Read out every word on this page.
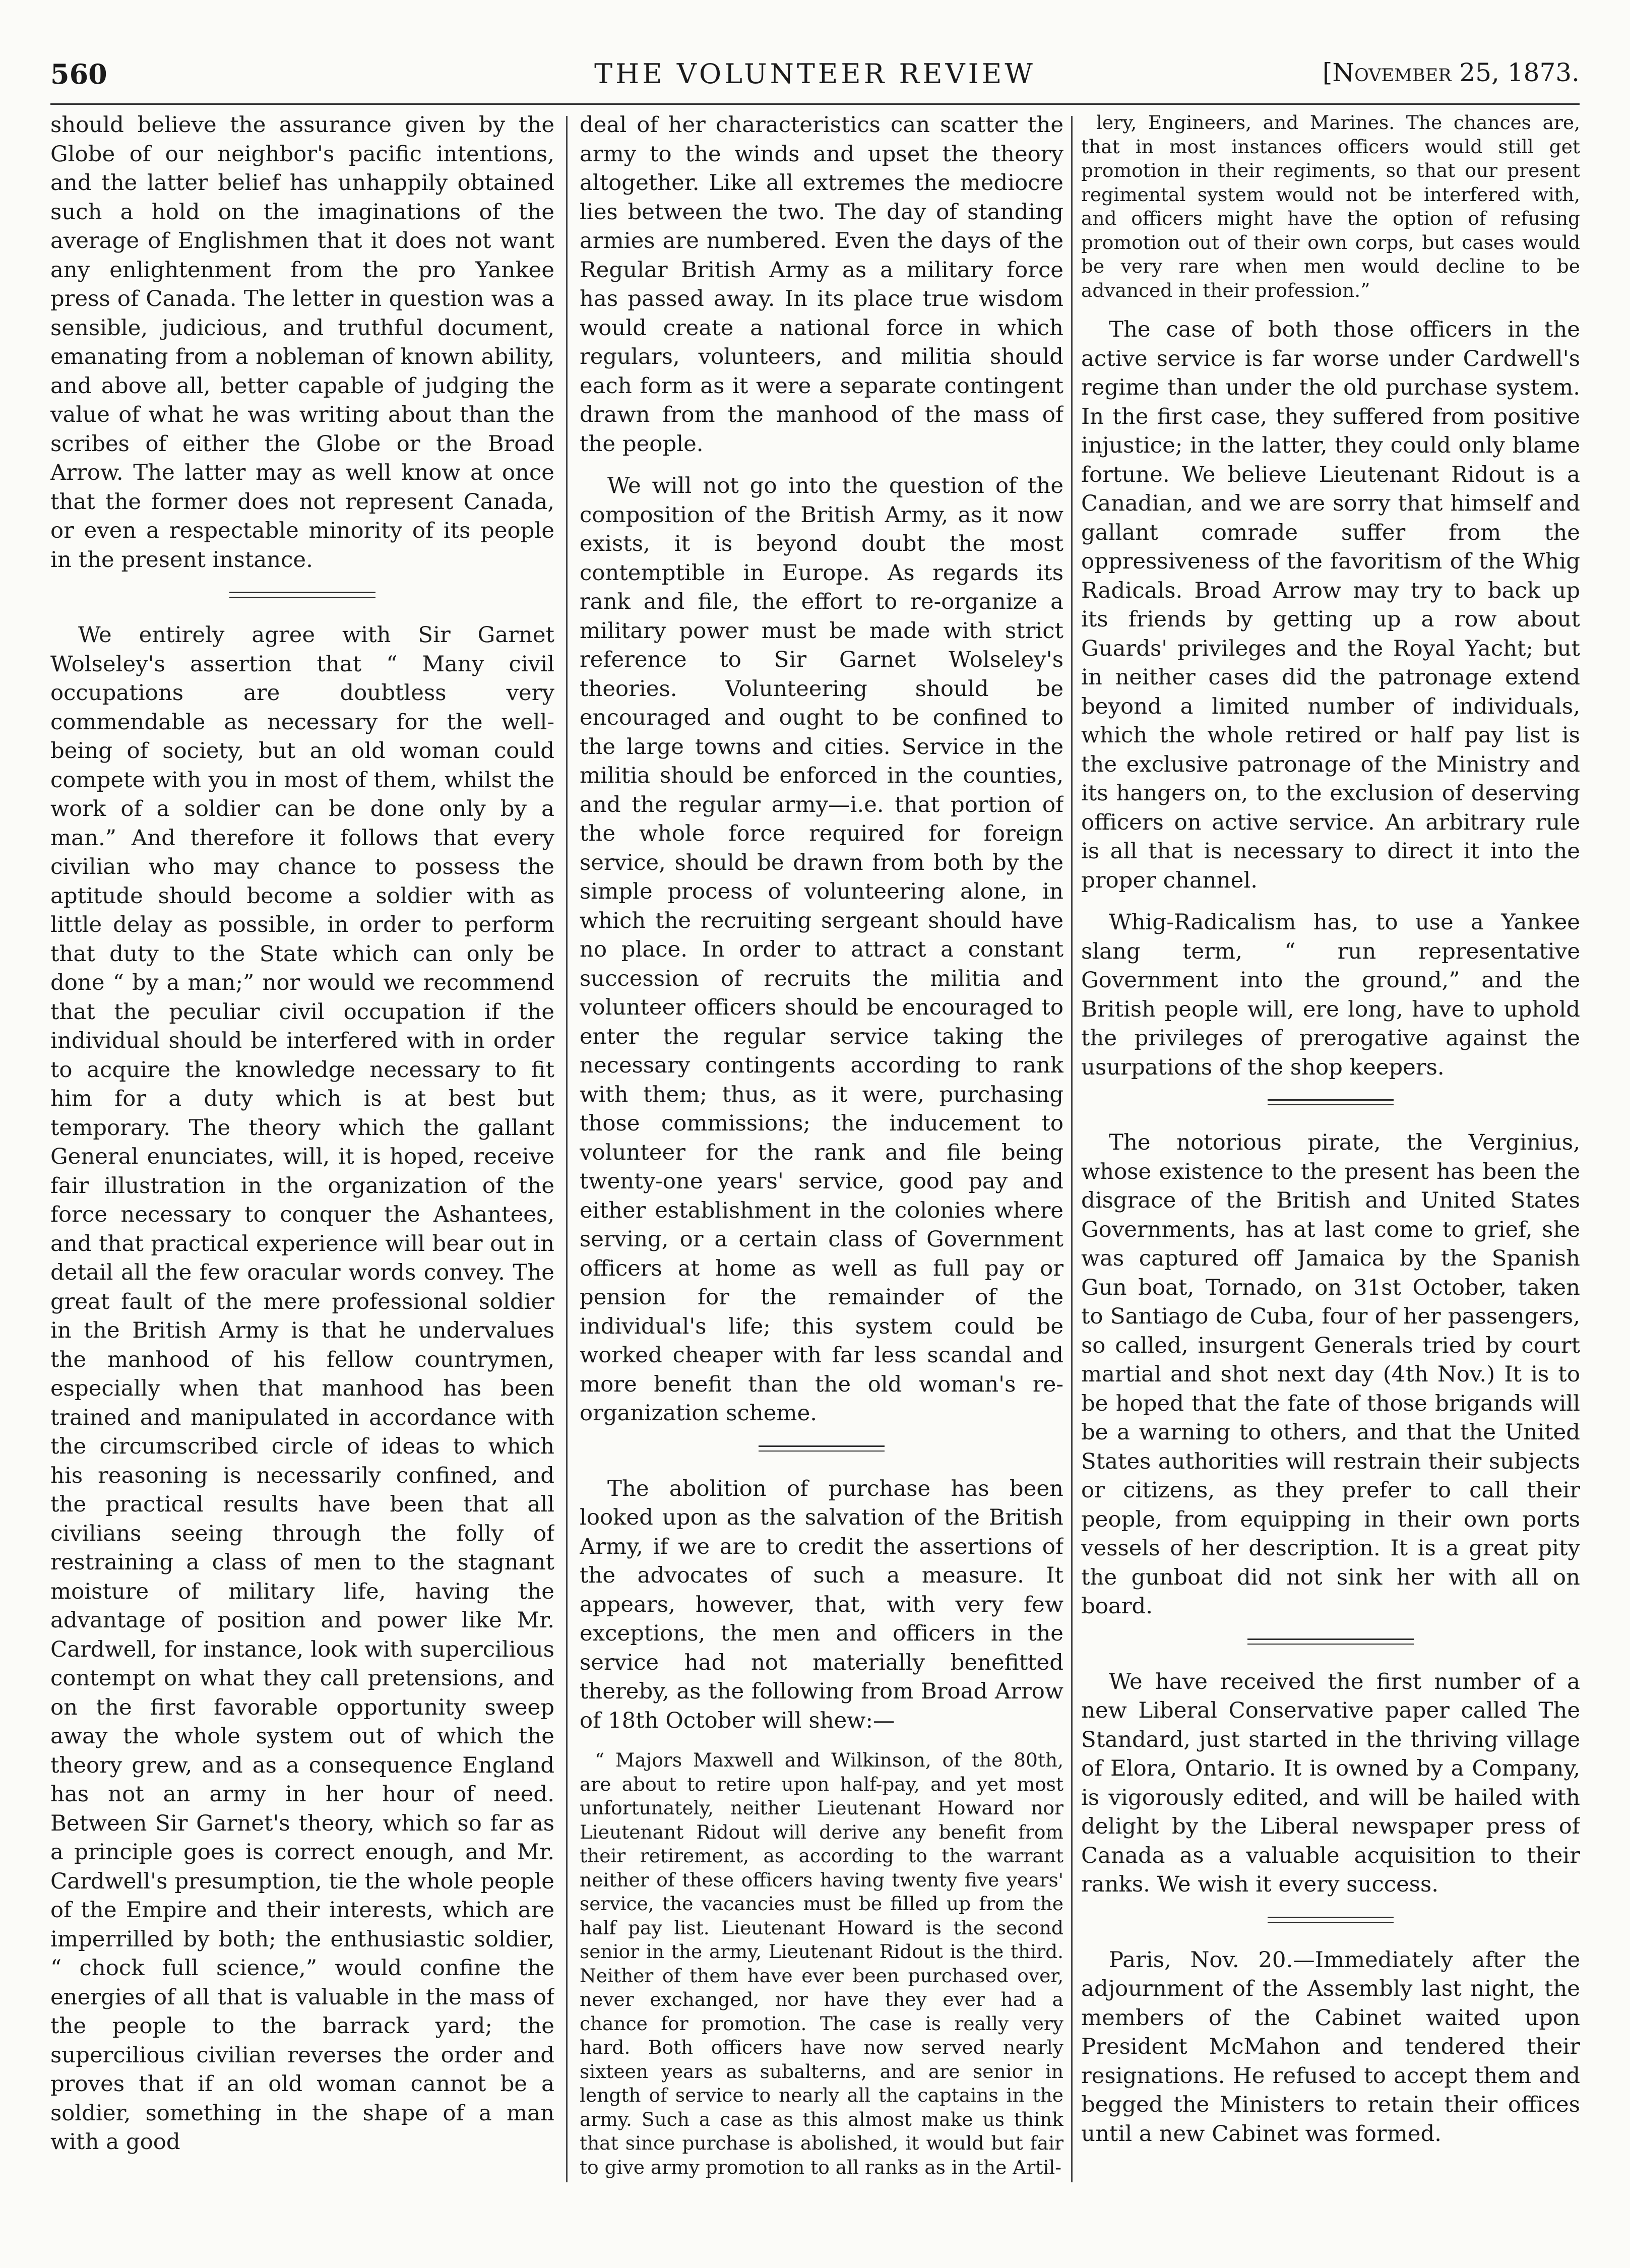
560	THE VOLUNTEER REVIEW	[November 25, 1873.

should believe the assurance given by the Globe of our neighbor's pacific intentions, and the latter belief has unhappily obtained such a hold on the imaginations of the average of Englishmen that it does not want any enlightenment from the pro Yankee press of Canada. The letter in question was a sensible, judicious, and truthful document, emanating from a nobleman of known ability, and above all, better capable of judging the value of what he was writing about than the scribes of either the Globe or the Broad Arrow. The latter may as well know at once that the former does not represent Canada, or even a respectable minority of its people in the present instance.

We entirely agree with Sir Garnet Wolseley's assertion that “ Many civil occupations are doubtless very commendable as necessary for the well-being of society, but an old woman could compete with you in most of them, whilst the work of a soldier can be done only by a man.” And therefore it follows that every civilian who may chance to possess the aptitude should become a soldier with as little delay as possible, in order to perform that duty to the State which can only be done “ by a man;” nor would we recommend that the peculiar civil occupation if the individual should be interfered with in order to acquire the knowledge necessary to fit him for a duty which is at best but temporary. The theory which the gallant General enunciates, will, it is hoped, receive fair illustration in the organization of the force necessary to conquer the Ashantees, and that practical experience will bear out in detail all the few oracular words convey. The great fault of the mere professional soldier in the British Army is that he undervalues the manhood of his fellow countrymen, especially when that manhood has been trained and manipulated in accordance with the circumscribed circle of ideas to which his reasoning is necessarily confined, and the practical results have been that all civilians seeing through the folly of restraining a class of men to the stagnant moisture of military life, having the advantage of position and power like Mr. Cardwell, for instance, look with supercilious contempt on what they call pretensions, and on the first favorable opportunity sweep away the whole system out of which the theory grew, and as a consequence England has not an army in her hour of need. Between Sir Garnet's theory, which so far as a principle goes is correct enough, and Mr. Cardwell's presumption, tie the whole people of the Empire and their interests, which are imperrilled by both; the enthusiastic soldier, “ chock full science,” would confine the energies of all that is valuable in the mass of the people to the barrack yard; the supercilious civilian reverses the order and proves that if an old woman cannot be a soldier, something in the shape of a man with a good

deal of her characteristics can scatter the army to the winds and upset the theory altogether. Like all extremes the mediocre lies between the two. The day of standing armies are numbered. Even the days of the Regular British Army as a military force has passed away. In its place true wisdom would create a national force in which regulars, volunteers, and militia should each form as it were a separate contingent drawn from the manhood of the mass of the people.

We will not go into the question of the composition of the British Army, as it now exists, it is beyond doubt the most contemptible in Europe. As regards its rank and file, the effort to re-organize a military power must be made with strict reference to Sir Garnet Wolseley's theories. Volunteering should be encouraged and ought to be confined to the large towns and cities. Service in the militia should be enforced in the counties, and the regular army—i.e. that portion of the whole force required for foreign service, should be drawn from both by the simple process of volunteering alone, in which the recruiting sergeant should have no place. In order to attract a constant succession of recruits the militia and volunteer officers should be encouraged to enter the regular service taking the necessary contingents according to rank with them; thus, as it were, purchasing those commissions; the inducement to volunteer for the rank and file being twenty-one years' service, good pay and either establishment in the colonies where serving, or a certain class of Government officers at home as well as full pay or pension for the remainder of the individual's life; this system could be worked cheaper with far less scandal and more benefit than the old woman's re-organization scheme.

The abolition of purchase has been looked upon as the salvation of the British Army, if we are to credit the assertions of the advocates of such a measure. It appears, however, that, with very few exceptions, the men and officers in the service had not materially benefitted thereby, as the following from Broad Arrow of 18th October will shew:—

“ Majors Maxwell and Wilkinson, of the 80th, are about to retire upon half-pay, and yet most unfortunately, neither Lieutenant Howard nor Lieutenant Ridout will derive any benefit from their retirement, as according to the warrant neither of these officers having twenty five years' service, the vacancies must be filled up from the half pay list. Lieutenant Howard is the second senior in the army, Lieutenant Ridout is the third. Neither of them have ever been purchased over, never exchanged, nor have they ever had a chance for promotion. The case is really very hard. Both officers have now served nearly sixteen years as subalterns, and are senior in length of service to nearly all the captains in the army. Such a case as this almost make us think that since purchase is abolished, it would but fair to give army promotion to all ranks as in the Artil-

lery, Engineers, and Marines. The chances are, that in most instances officers would still get promotion in their regiments, so that our present regimental system would not be interfered with, and officers might have the option of refusing promotion out of their own corps, but cases would be very rare when men would decline to be advanced in their profession.”

The case of both those officers in the active service is far worse under Cardwell's regime than under the old purchase system. In the first case, they suffered from positive injustice; in the latter, they could only blame fortune. We believe Lieutenant Ridout is a Canadian, and we are sorry that himself and gallant comrade suffer from the oppressiveness of the favoritism of the Whig Radicals. Broad Arrow may try to back up its friends by getting up a row about Guards' privileges and the Royal Yacht; but in neither cases did the patronage extend beyond a limited number of individuals, which the whole retired or half pay list is the exclusive patronage of the Ministry and its hangers on, to the exclusion of deserving officers on active service. An arbitrary rule is all that is necessary to direct it into the proper channel.

Whig-Radicalism has, to use a Yankee slang term, “ run representative Government into the ground,” and the British people will, ere long, have to uphold the privileges of prerogative against the usurpations of the shop keepers.

The notorious pirate, the Verginius, whose existence to the present has been the disgrace of the British and United States Governments, has at last come to grief, she was captured off Jamaica by the Spanish Gun boat, Tornado, on 31st October, taken to Santiago de Cuba, four of her passengers, so called, insurgent Generals tried by court martial and shot next day (4th Nov.) It is to be hoped that the fate of those brigands will be a warning to others, and that the United States authorities will restrain their subjects or citizens, as they prefer to call their people, from equipping in their own ports vessels of her description. It is a great pity the gunboat did not sink her with all on board.

We have received the first number of a new Liberal Conservative paper called The Standard, just started in the thriving village of Elora, Ontario. It is owned by a Company, is vigorously edited, and will be hailed with delight by the Liberal newspaper press of Canada as a valuable acquisition to their ranks. We wish it every success.

Paris, Nov. 20.—Immediately after the adjournment of the Assembly last night, the members of the Cabinet waited upon President McMahon and tendered their resignations. He refused to accept them and begged the Ministers to retain their offices until a new Cabinet was formed.
